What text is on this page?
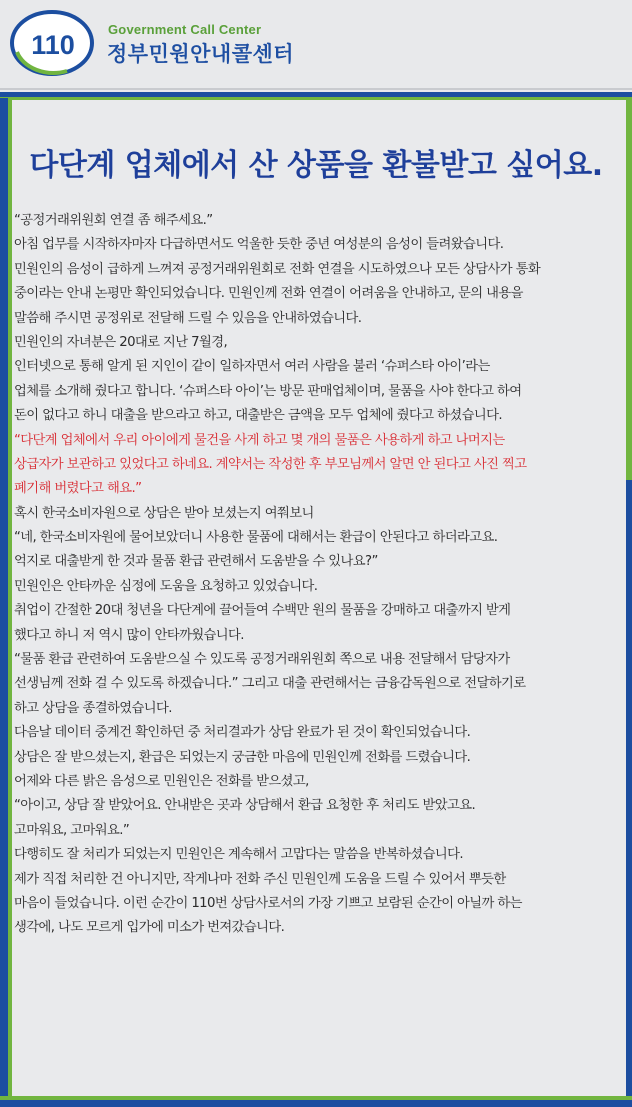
110
Government Call Center
정부민원안내콜센터
다단계 업체에서 산 상품을 환불받고 싶어요.
“공정거래위원회 연결 좀 해주세요.”
아침 업무를 시작하자마자 다급하면서도 억울한 듯한 중년 여성분의 음성이 들려왔습니다.
민원인의 음성이 급하게 느껴져 공정거래위원회로 전화 연결을 시도하였으나 모든 상담사가 통화
중이라는 안내 논평만 확인되었습니다. 민원인께 전화 연결이 어려움을 안내하고, 문의 내용을
말씀해 주시면 공정위로 전달해 드릴 수 있음을 안내하였습니다.
민원인의 자녀분은 20대로 지난 7월경,
인터넷으로 통해 알게 된 지인이 같이 일하자면서 여러 사람을 불러 ‘슈퍼스타 아이’라는
업체를 소개해 줬다고 합니다. ‘슈퍼스타 아이’는 방문 판매업체이며, 물품을 사야 한다고 하여
돈이 없다고 하니 대출을 받으라고 하고, 대출받은 금액을 모두 업체에 줬다고 하셨습니다.
“다단계 업체에서 우리 아이에게 물건을 사게 하고 몇 개의 물품은 사용하게 하고 나머지는
상급자가 보관하고 있었다고 하네요. 계약서는 작성한 후 부모님께서 알면 안 된다고 사진 찍고
폐기해 버렸다고 해요.”
혹시 한국소비자원으로 상담은 받아 보셨는지 여쭤보니
“네, 한국소비자원에 물어보았더니 사용한 물품에 대해서는 환급이 안된다고 하더라고요.
억지로 대출받게 한 것과 물품 환급 관련해서 도움받을 수 있나요?”
민원인은 안타까운 심정에 도움을 요청하고 있었습니다.
취업이 간절한 20대 청년을 다단계에 끌어들여 수백만 원의 물품을 강매하고 대출까지 받게
했다고 하니 저 역시 많이 안타까웠습니다.
“물품 환급 관련하여 도움받으실 수 있도록 공정거래위원회 쪽으로 내용 전달해서 담당자가
선생님께 전화 걸 수 있도록 하겠습니다.” 그리고 대출 관련해서는 금융감독원으로 전달하기로
하고 상담을 종결하였습니다.
다음날 데이터 중계건 확인하던 중 처리결과가 상담 완료가 된 것이 확인되었습니다.
상담은 잘 받으셨는지, 환급은 되었는지 궁금한 마음에 민원인께 전화를 드렸습니다.
어제와 다른 밝은 음성으로 민원인은 전화를 받으셨고,
“아이고, 상담 잘 받았어요. 안내받은 곳과 상담해서 환급 요청한 후 처리도 받았고요.
고마워요, 고마워요.”
다행히도 잘 처리가 되었는지 민원인은 계속해서 고맙다는 말씀을 반복하셨습니다.
제가 직접 처리한 건 아니지만, 작게나마 전화 주신 민원인께 도움을 드릴 수 있어서 뿌듯한
마음이 들었습니다. 이런 순간이 110번 상담사로서의 가장 기쁘고 보람된 순간이 아닐까 하는
생각에, 나도 모르게 입가에 미소가 번져갔습니다.
